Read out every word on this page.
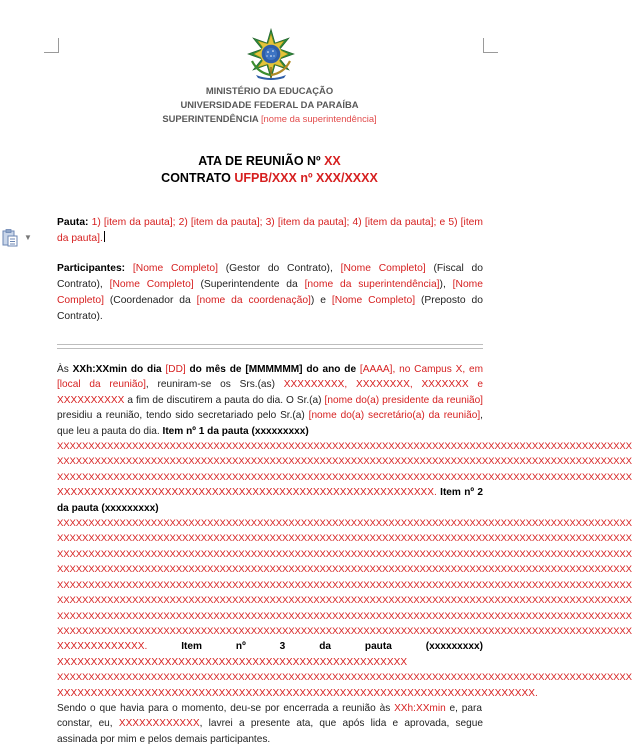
▼
MINISTÉRIO DA EDUCAÇÃO
UNIVERSIDADE FEDERAL DA PARAÍBA
SUPERINTENDÊNCIA [nome da superintendência]
ATA DE REUNIÃO Nº XX
CONTRATO UFPB/XXX nº XXX/XXXX
Pauta: 1) [item da pauta]; 2) [item da pauta]; 3) [item da pauta]; 4) [item da pauta]; e 5) [item da pauta].
Participantes: [Nome Completo] (Gestor do Contrato), [Nome Completo] (Fiscal do Contrato), [Nome Completo] (Superintendente da [nome da superintendência]), [Nome Completo] (Coordenador da [nome da coordenação]) e [Nome Completo] (Preposto do Contrato).
Às XXh:XXmin do dia [DD] do mês de [MMMMMM] do ano de [AAAA], no Campus X, em [local da reunião], reuniram-se os Srs.(as) XXXXXXXXX, XXXXXXXX, XXXXXXX e XXXXXXXXXX a fim de discutirem a pauta do dia. O Sr.(a) [nome do(a) presidente da reunião] presidiu a reunião, tendo sido secretariado pelo Sr.(a) [nome do(a) secretário(a) da reunião], que leu a pauta do dia. Item nº 1 da pauta (xxxxxxxxx)
XXXXXXXXXXXXXXXXXXXXXXXXXXXXXXXXXXXXXXXXXXXXXXXXXXXXXXXXXXXXXXXXXXXXXXXXXXXXXXXXXXXXXXXXXXXX
XXXXXXXXXXXXXXXXXXXXXXXXXXXXXXXXXXXXXXXXXXXXXXXXXXXXXXXXXXXXXXXXXXXXXXXXXXXXXXXXXXXXXXXXXXXX
XXXXXXXXXXXXXXXXXXXXXXXXXXXXXXXXXXXXXXXXXXXXXXXXXXXXXXXXXXXXXXXXXXXXXXXXXXXXXXXXXXXXXXXXXXXX
XXXXXXXXXXXXXXXXXXXXXXXXXXXXXXXXXXXXXXXXXXXXXXXXXXXXXXXX. Item nº 2 da pauta (xxxxxxxxx)
XXXXXXXXXXXXXXXXXXXXXXXXXXXXXXXXXXXXXXXXXXXXXXXXXXXXXXXXXXXXXXXXXXXXXXXXXXXXXXXXXXXXXXXXXXXX
XXXXXXXXXXXXXXXXXXXXXXXXXXXXXXXXXXXXXXXXXXXXXXXXXXXXXXXXXXXXXXXXXXXXXXXXXXXXXXXXXXXXXXXXXXXX
XXXXXXXXXXXXXXXXXXXXXXXXXXXXXXXXXXXXXXXXXXXXXXXXXXXXXXXXXXXXXXXXXXXXXXXXXXXXXXXXXXXXXXXXXXXX
XXXXXXXXXXXXXXXXXXXXXXXXXXXXXXXXXXXXXXXXXXXXXXXXXXXXXXXXXXXXXXXXXXXXXXXXXXXXXXXXXXXXXXXXXXXX
XXXXXXXXXXXXXXXXXXXXXXXXXXXXXXXXXXXXXXXXXXXXXXXXXXXXXXXXXXXXXXXXXXXXXXXXXXXXXXXXXXXXXXXXXXXX
XXXXXXXXXXXXXXXXXXXXXXXXXXXXXXXXXXXXXXXXXXXXXXXXXXXXXXXXXXXXXXXXXXXXXXXXXXXXXXXXXXXXXXXXXXXX
XXXXXXXXXXXXXXXXXXXXXXXXXXXXXXXXXXXXXXXXXXXXXXXXXXXXXXXXXXXXXXXXXXXXXXXXXXXXXXXXXXXXXXXXXXXX
XXXXXXXXXXXXXXXXXXXXXXXXXXXXXXXXXXXXXXXXXXXXXXXXXXXXXXXXXXXXXXXXXXXXXXXXXXXXXXXXXXXXXXXXXXXX
XXXXXXXXXXXXX.	Item nº 3 da pauta	(xxxxxxxxx) XXXXXXXXXXXXXXXXXXXXXXXXXXXXXXXXXXXXXXXXXXXXXXXXXXXX
XXXXXXXXXXXXXXXXXXXXXXXXXXXXXXXXXXXXXXXXXXXXXXXXXXXXXXXXXXXXXXXXXXXXXXXXXXXXXXXXXXXXXXXXXXXX
XXXXXXXXXXXXXXXXXXXXXXXXXXXXXXXXXXXXXXXXXXXXXXXXXXXXXXXXXXXXXXXXXXXXXXX. Sendo o que havia para o momento, deu-se por encerrada a reunião às XXh:XXmin e, para constar, eu, XXXXXXXXXXXX, lavrei a presente ata, que após lida e aprovada, segue assinada por mim e pelos demais participantes.
